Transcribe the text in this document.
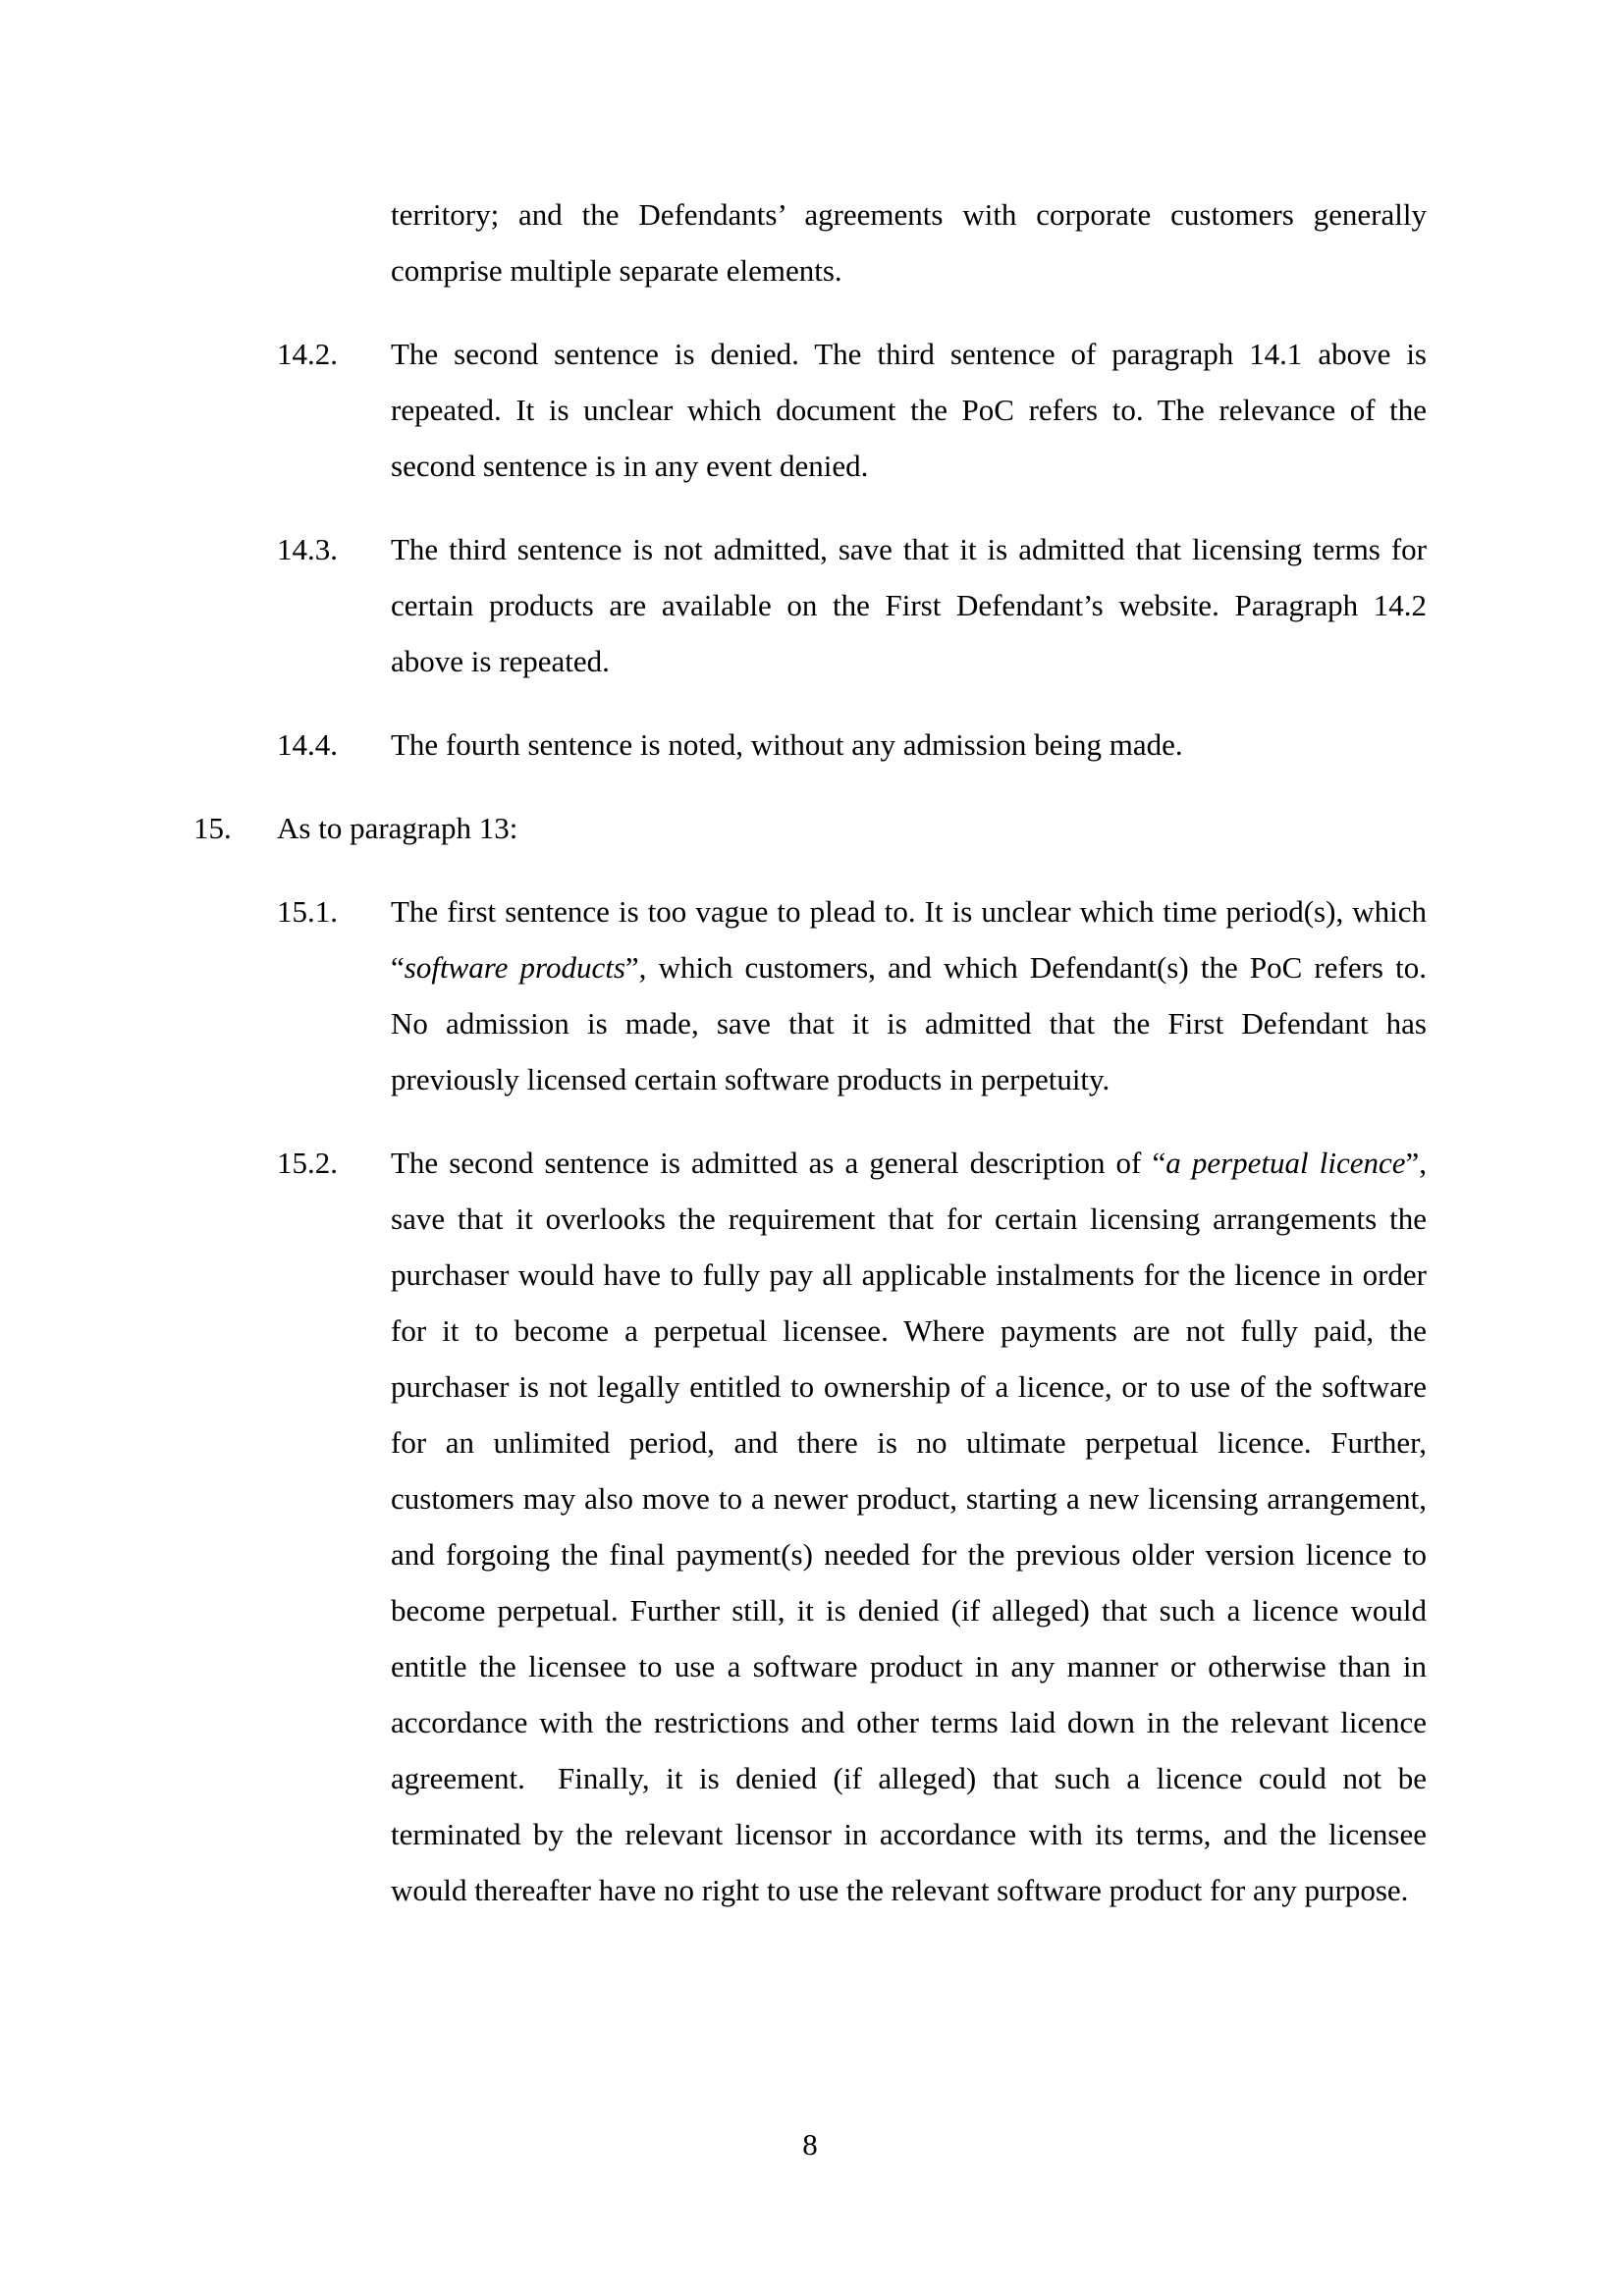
territory; and the Defendants’ agreements with corporate customers generally comprise multiple separate elements.
14.2.	The second sentence is denied. The third sentence of paragraph 14.1 above is repeated. It is unclear which document the PoC refers to. The relevance of the second sentence is in any event denied.
14.3.	The third sentence is not admitted, save that it is admitted that licensing terms for certain products are available on the First Defendant’s website. Paragraph 14.2 above is repeated.
14.4.	The fourth sentence is noted, without any admission being made.
15.	As to paragraph 13:
15.1.	The first sentence is too vague to plead to. It is unclear which time period(s), which “software products”, which customers, and which Defendant(s) the PoC refers to. No admission is made, save that it is admitted that the First Defendant has previously licensed certain software products in perpetuity.
15.2.	The second sentence is admitted as a general description of “a perpetual licence”, save that it overlooks the requirement that for certain licensing arrangements the purchaser would have to fully pay all applicable instalments for the licence in order for it to become a perpetual licensee. Where payments are not fully paid, the purchaser is not legally entitled to ownership of a licence, or to use of the software for an unlimited period, and there is no ultimate perpetual licence. Further, customers may also move to a newer product, starting a new licensing arrangement, and forgoing the final payment(s) needed for the previous older version licence to become perpetual. Further still, it is denied (if alleged) that such a licence would entitle the licensee to use a software product in any manner or otherwise than in accordance with the restrictions and other terms laid down in the relevant licence agreement.  Finally, it is denied (if alleged) that such a licence could not be terminated by the relevant licensor in accordance with its terms, and the licensee would thereafter have no right to use the relevant software product for any purpose.
8
